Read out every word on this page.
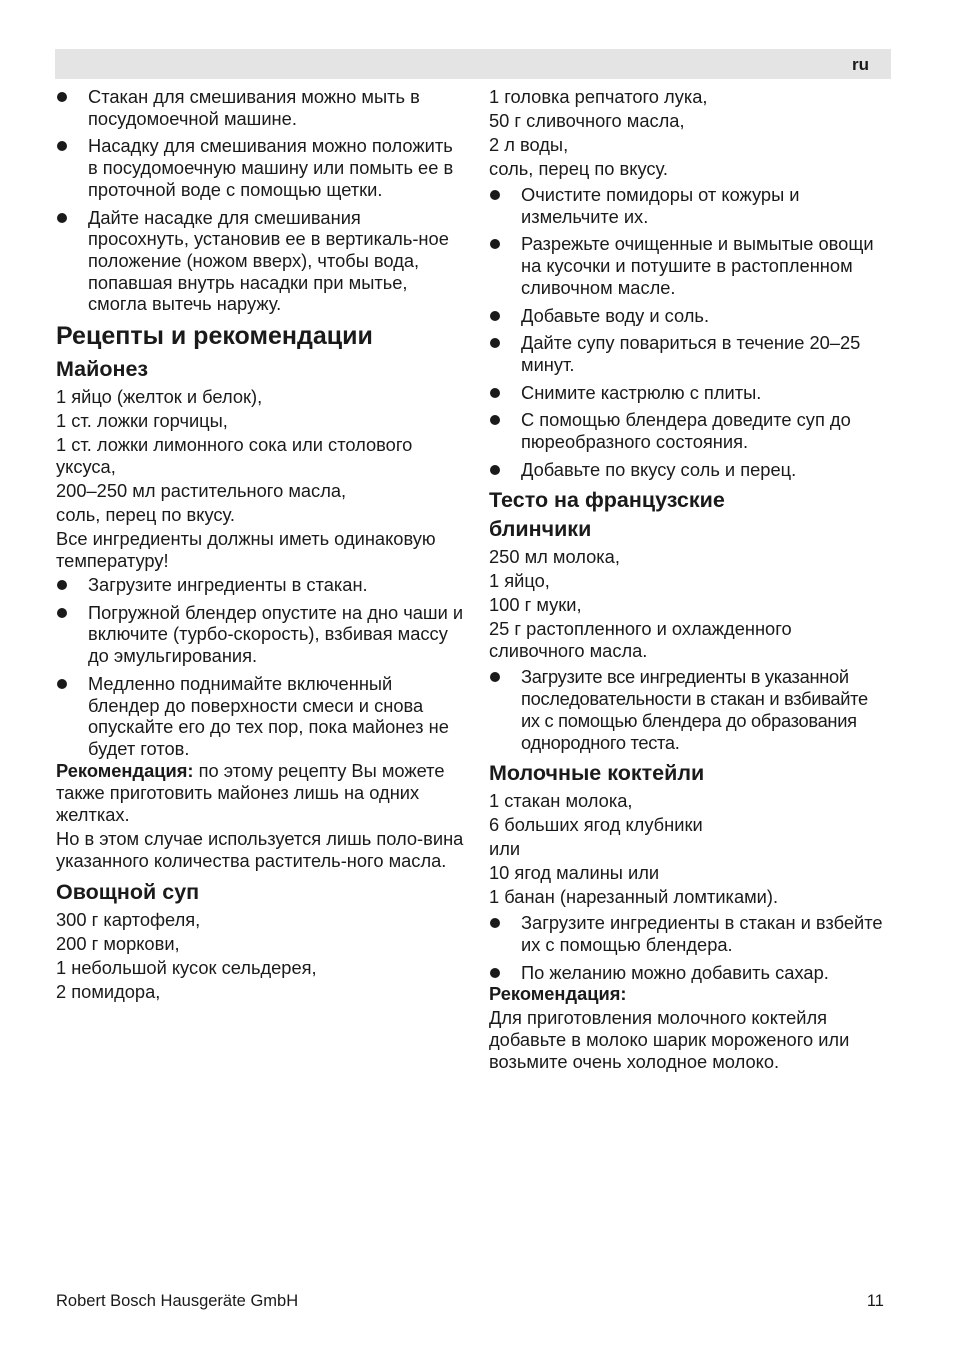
ru
Стакан для смешивания можно мыть в посудомоечной машине.
Насадку для смешивания можно положить в посудомоечную машину или помыть ее в проточной воде с помощью щетки.
Дайте насадке для смешивания просохнуть, установив ее в вертикаль-ное положение (ножом вверх), чтобы вода, попавшая внутрь насадки при мытье, смогла вытечь наружу.
Рецепты и рекомендации
Майонез

1 яйцо (желток и белок),

1 ст. ложки горчицы,

1 ст. ложки лимонного сока или столового уксуса,

200–250 мл растительного масла,

соль, перец по вкусу.

Все ингредиенты должны иметь одинаковую температуру!

Загрузите ингредиенты в стакан.
Погружной блендер опустите на дно чаши и включите (турбо-скорость), взбивая массу до эмульгирования.
Медленно поднимайте включенный блендер до поверхности смеси и снова опускайте его до тех пор, пока майонез не будет готов.

Рекомендация: по этому рецепту Вы можете также приготовить майонез лишь на одних желтках.

Но в этом случае используется лишь поло-вина указанного количества раститель-ного масла.

Овощной суп

300 г картофеля,

200 г моркови,

1 небольшой кусок сельдерея,

2 помидора,

1 головка репчатого лука,

50 г сливочного масла,

2 л воды,

соль, перец по вкусу.

Очистите помидоры от кожуры и измельчите их.
Разрежьте очищенные и вымытые овощи на кусочки и потушите в растопленном сливочном масле.
Добавьте воду и соль.
Дайте супу повариться в течение 20–25 минут.
Снимите кастрюлю с плиты.
С помощью блендера доведите суп до пюреобразного состояния.
Добавьте по вкусу соль и перец.
Тесто на французские блинчики

250 мл молока,

1 яйцо,

100 г муки,

25 г растопленного и охлажденного сливочного масла.

Загрузите все ингредиенты в указанной последовательности в стакан и взбивайте их с помощью блендера до образования однородного теста.
Молочные коктейли

1 стакан молока,

6 больших ягод клубники

или

10 ягод малины или

1 банан (нарезанный ломтиками).

Загрузите ингредиенты в стакан и взбейте их с помощью блендера.
По желанию можно добавить сахар.

Рекомендация:

Для приготовления молочного коктейля добавьте в молоко шарик мороженого или возьмите очень холодное молоко.

Robert Bosch Hausgeräte GmbH	11
